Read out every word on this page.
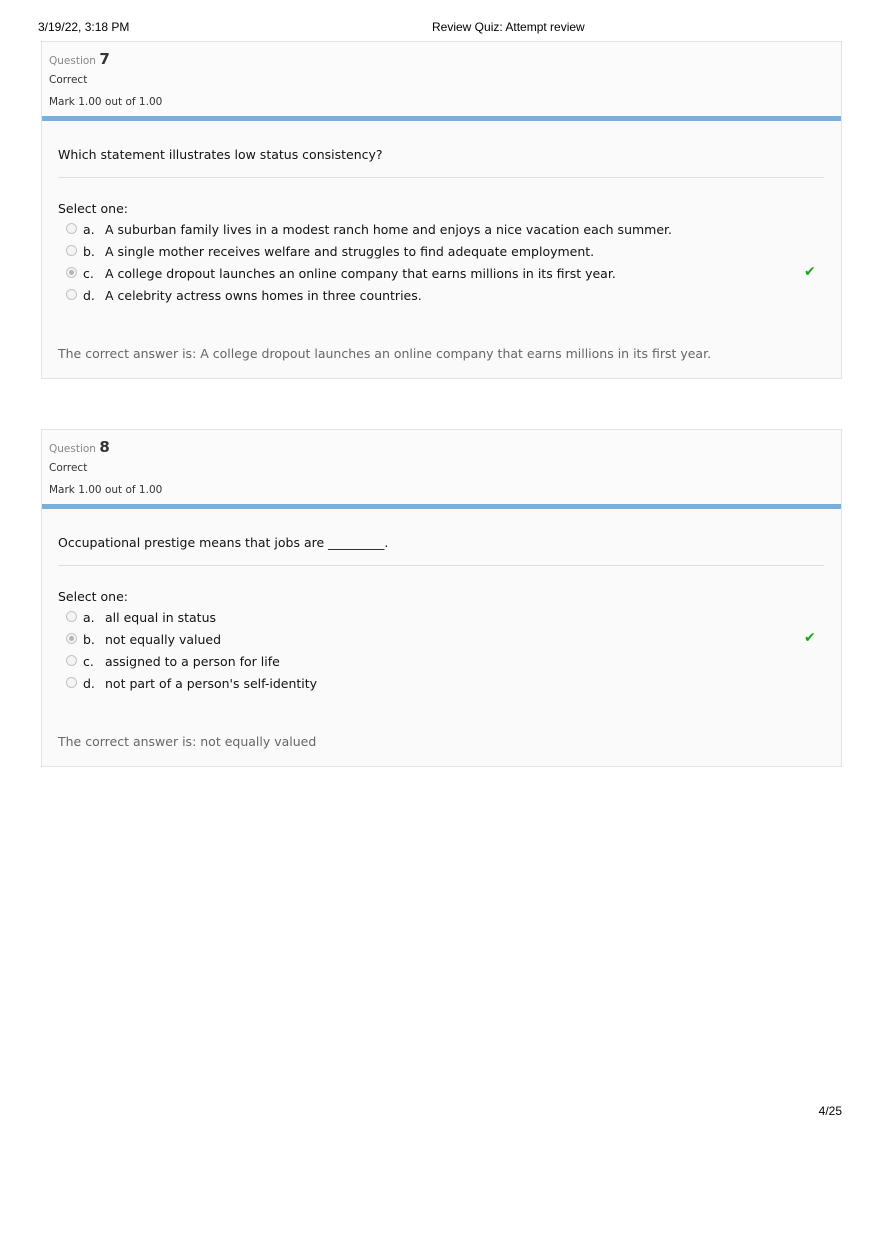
3/19/22, 3:18 PM	Review Quiz: Attempt review
Question 7
Correct
Mark 1.00 out of 1.00
Which statement illustrates low status consistency?
Select one:
a. A suburban family lives in a modest ranch home and enjoys a nice vacation each summer.
b. A single mother receives welfare and struggles to find adequate employment.
c. A college dropout launches an online company that earns millions in its first year.	✔
d. A celebrity actress owns homes in three countries.
The correct answer is: A college dropout launches an online company that earns millions in its first year.
Question 8
Correct
Mark 1.00 out of 1.00
Occupational prestige means that jobs are _________.
Select one:
a. all equal in status
b. not equally valued	✔
c. assigned to a person for life
d. not part of a person's self-identity
The correct answer is: not equally valued
4/25
